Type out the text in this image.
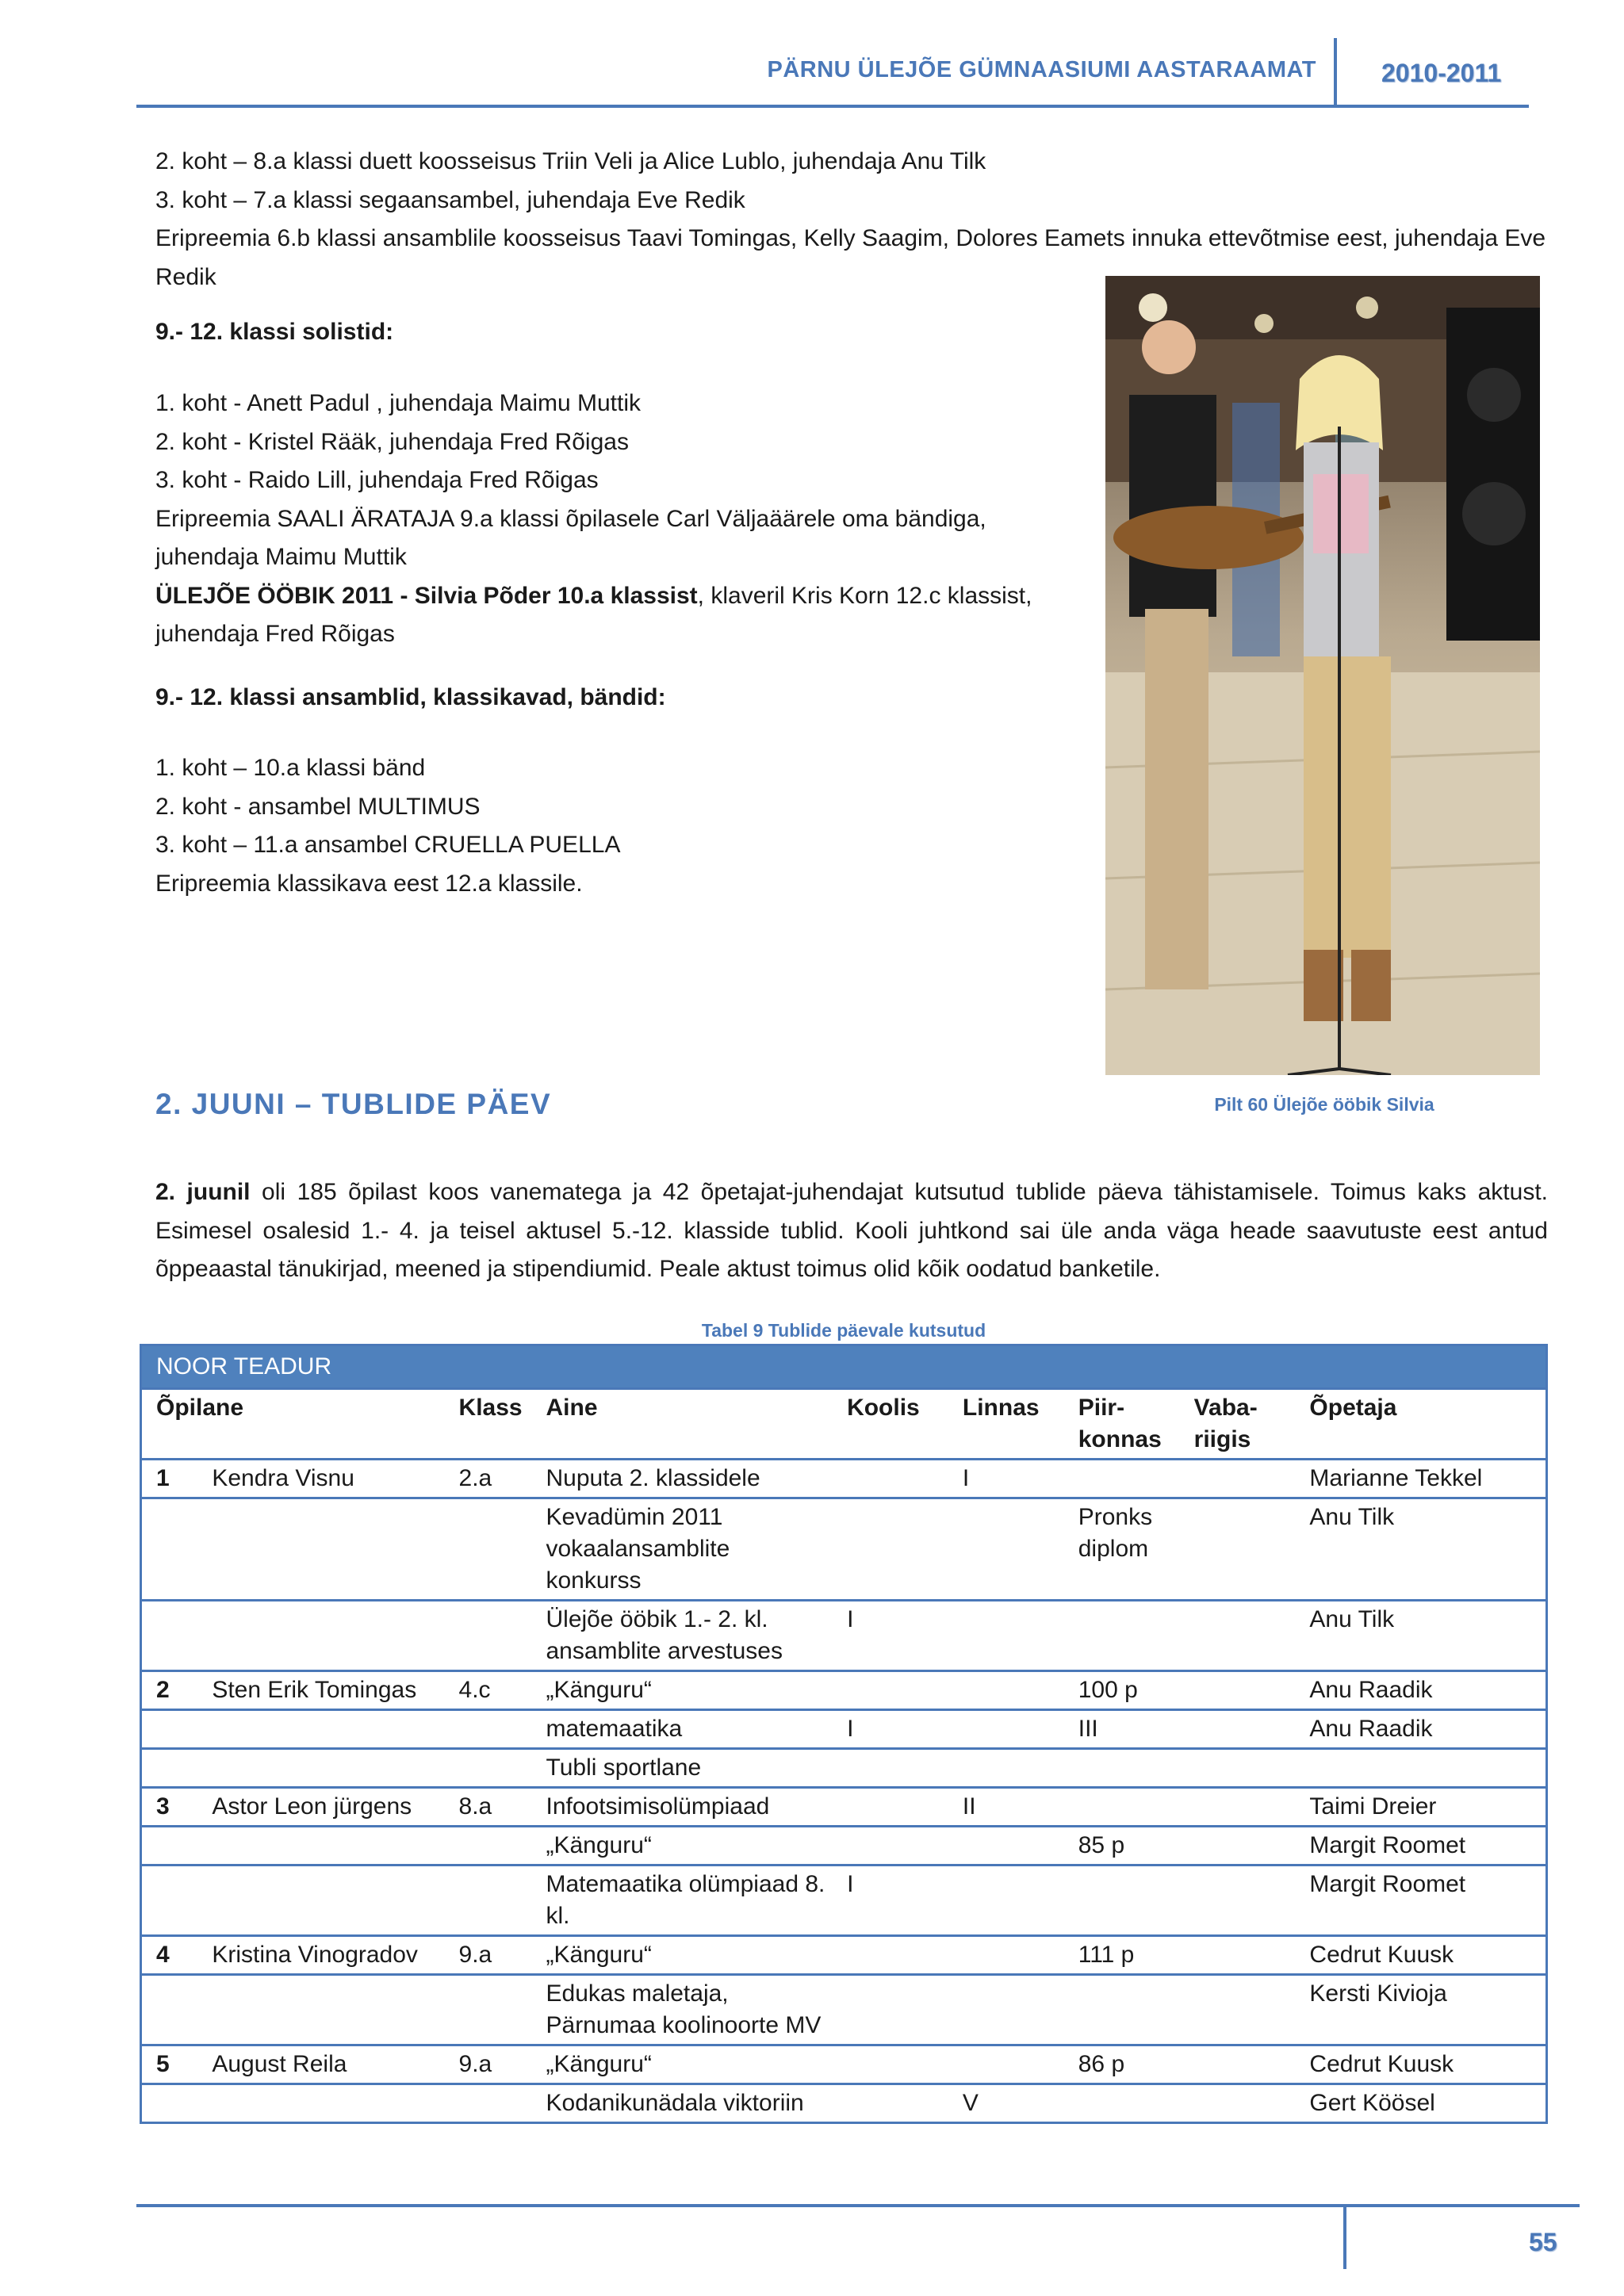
PÄRNU ÜLEJÕE GÜMNAASIUMI AASTARAAMAT	2010-2011
2. koht – 8.a klassi duett koosseisus Triin Veli ja Alice Lublo, juhendaja Anu Tilk
3. koht – 7.a klassi segaansambel, juhendaja Eve Redik
Eripreemia 6.b klassi ansamblile koosseisus Taavi Tomingas, Kelly Saagim, Dolores Eamets innuka ettevõtmise eest, juhendaja Eve Redik
9.- 12. klassi solistid:
1. koht - Anett Padul , juhendaja Maimu Muttik
2. koht - Kristel Rääk, juhendaja Fred Rõigas
3. koht - Raido Lill, juhendaja Fred Rõigas
Eripreemia SAALI ÄRATAJA 9.a klassi õpilasele Carl Väljaäärele oma bändiga, juhendaja Maimu Muttik
ÜLEJÕE ÖÖBIK 2011 - Silvia Põder 10.a klassist, klaveril Kris Korn 12.c klassist, juhendaja Fred Rõigas
9.- 12. klassi ansamblid, klassikavad, bändid:
1. koht – 10.a klassi bänd
2. koht - ansambel MULTIMUS
3. koht – 11.a ansambel CRUELLA PUELLA
Eripreemia klassikava eest 12.a klassile.
Pilt 60 Ülejõe ööbik Silvia
2. JUUNI – TUBLIDE PÄEV
2. juunil oli 185 õpilast koos vanematega ja 42 õpetajat-juhendajat kutsutud tublide päeva tähistamisele. Toimus kaks aktust. Esimesel osalesid 1.- 4. ja teisel aktusel 5.-12. klasside tublid. Kooli juhtkond sai üle anda väga heade saavutuste eest antud õppeaastal tänukirjad, meened ja stipendiumid. Peale aktust toimus olid kõik oodatud banketile.
Tabel 9 Tublide päevale kutsutud
NOOR TEADUR								
Õpilane		Klass	Aine	Koolis	Linnas	Piir-konnas	Vaba-riigis	Õpetaja
1	Kendra Visnu	2.a	Nuputa 2. klassidele		I			Marianne Tekkel
			Kevadümin 2011 vokaalansamblite konkurss			Pronks diplom		Anu Tilk
			Ülejõe ööbik 1.- 2. kl. ansamblite arvestuses	I				Anu Tilk
2	Sten Erik Tomingas	4.c	„Känguru“			100 p		Anu Raadik
			matemaatika	I		III		Anu Raadik
			Tubli sportlane					
3	Astor Leon jürgens	8.a	Infootsimisolümpiaad		II			Taimi Dreier
			„Känguru“			85 p		Margit Roomet
			Matemaatika olümpiaad 8. kl.	I				Margit Roomet
4	Kristina Vinogradov	9.a	„Känguru“			111 p		Cedrut Kuusk
			Edukas maletaja, Pärnumaa koolinoorte MV					Kersti Kivioja
5	August Reila	9.a	„Känguru“			86 p		Cedrut Kuusk
			Kodanikunädala viktoriin		V			Gert Köösel
55
